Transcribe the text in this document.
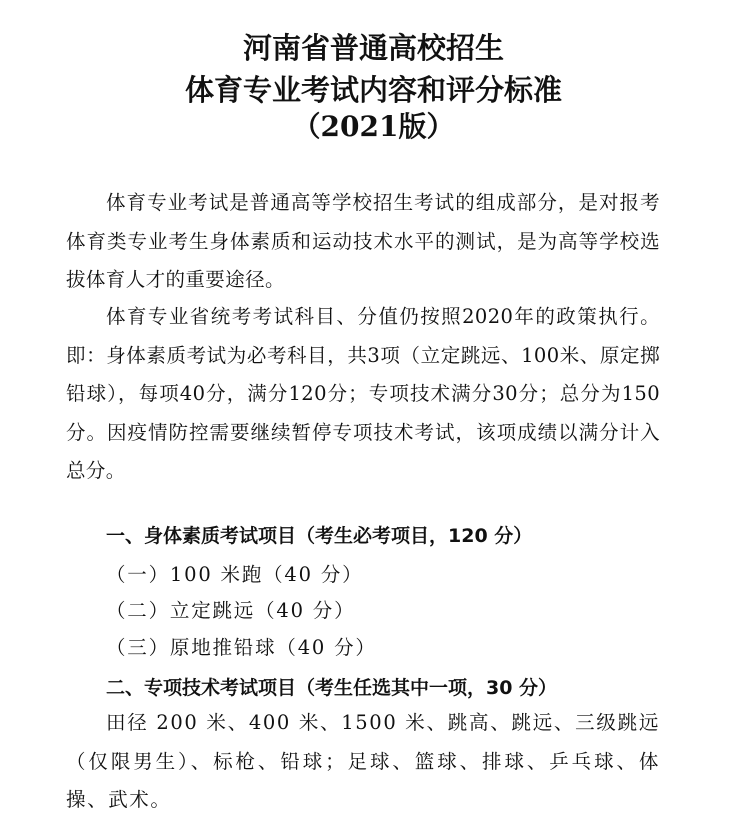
河南省普通高校招生
体育专业考试内容和评分标准
（2021版）

体育专业考试是普通高等学校招生考试的组成部分，是对报考体育类专业考生身体素质和运动技术水平的测试，是为高等学校选拔体育人才的重要途径。

体育专业省统考考试科目、分值仍按照2020年的政策执行。即：身体素质考试为必考科目，共3项（立定跳远、100米、原定掷铅球），每项40分，满分120分；专项技术满分30分；总分为150分。因疫情防控需要继续暂停专项技术考试，该项成绩以满分计入总分。

一、身体素质考试项目（考生必考项目，120 分）
（一）100 米跑（40 分）
（二）立定跳远（40 分）
（三）原地推铅球（40 分）
二、专项技术考试项目（考生任选其中一项，30 分）

田径 200 米、400 米、1500 米、跳高、跳远、三级跳远（仅限男生）、标枪、铅球；足球、篮球、排球、乒乓球、体操、武术。
